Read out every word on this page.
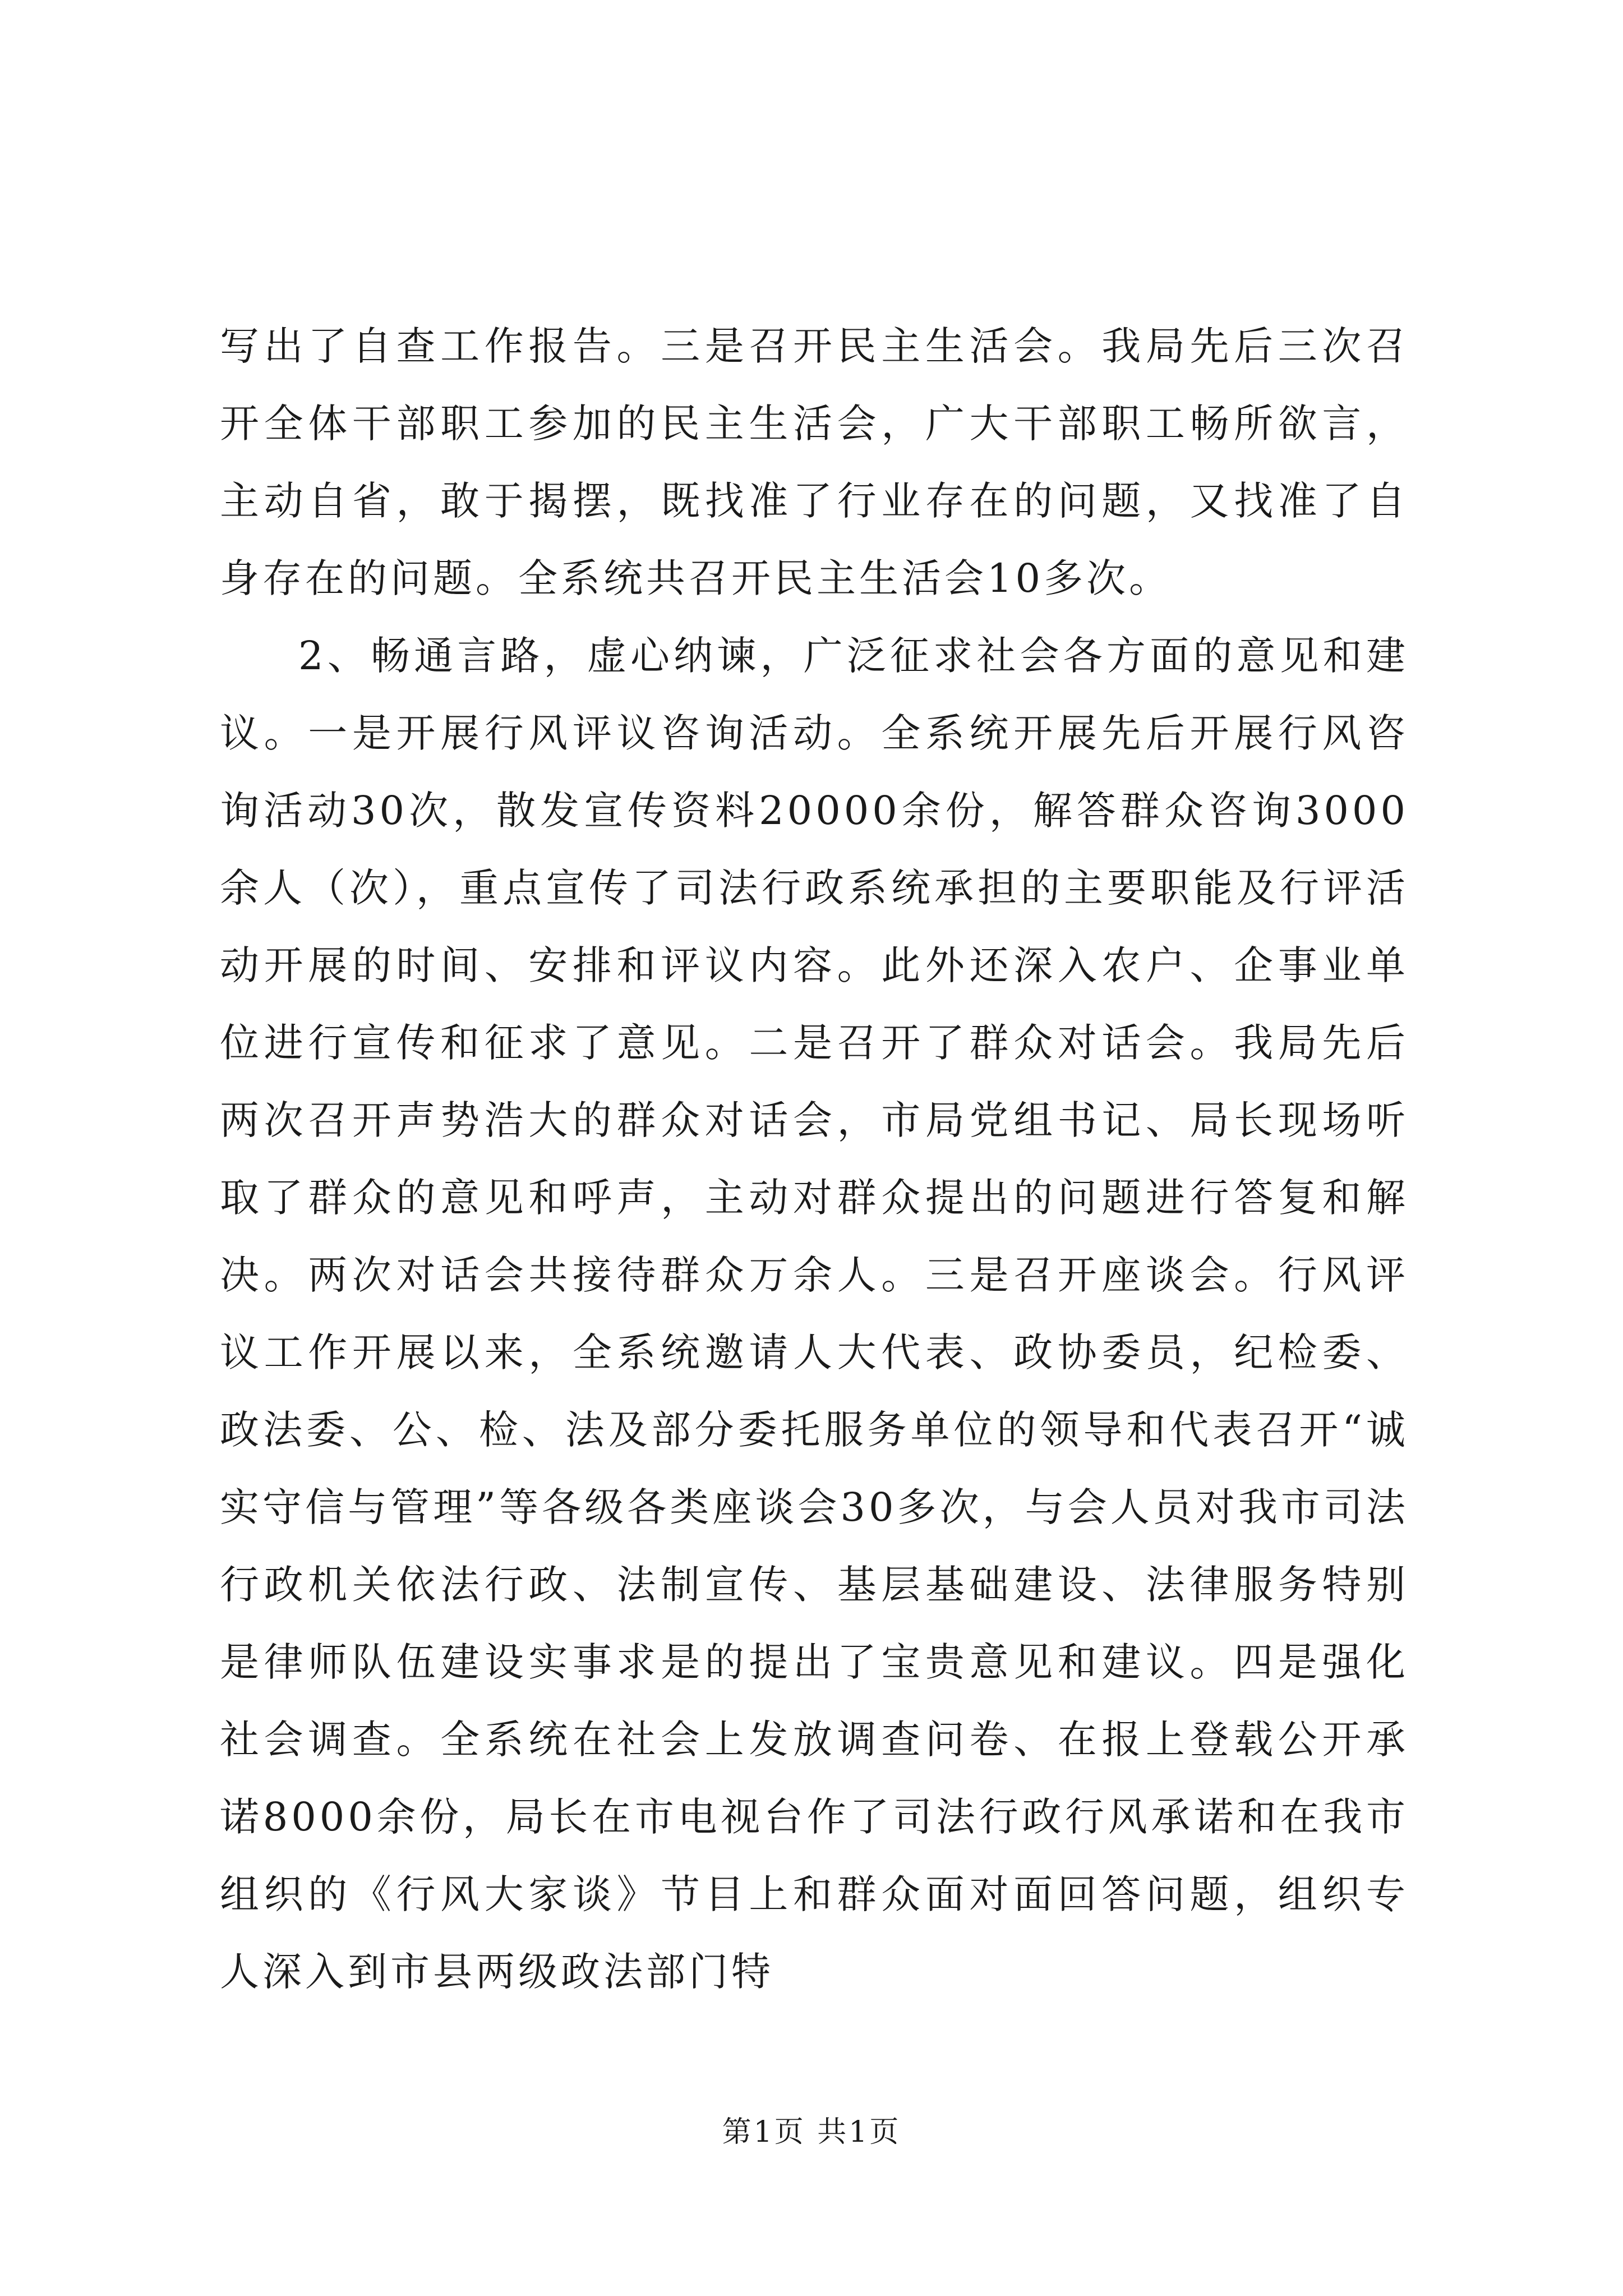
写出了自查工作报告。三是召开民主生活会。我局先后三次召开全体干部职工参加的民主生活会，广大干部职工畅所欲言，主动自省，敢于揭摆，既找准了行业存在的问题，又找准了自身存在的问题。全系统共召开民主生活会10多次。

2、畅通言路，虚心纳谏，广泛征求社会各方面的意见和建议。一是开展行风评议咨询活动。全系统开展先后开展行风咨询活动30次，散发宣传资料20000余份，解答群众咨询3000余人（次），重点宣传了司法行政系统承担的主要职能及行评活动开展的时间、安排和评议内容。此外还深入农户、企事业单位进行宣传和征求了意见。二是召开了群众对话会。我局先后两次召开声势浩大的群众对话会，市局党组书记、局长现场听取了群众的意见和呼声，主动对群众提出的问题进行答复和解决。两次对话会共接待群众万余人。三是召开座谈会。行风评议工作开展以来，全系统邀请人大代表、政协委员，纪检委、政法委、公、检、法及部分委托服务单位的领导和代表召开“诚实守信与管理”等各级各类座谈会30多次，与会人员对我市司法行政机关依法行政、法制宣传、基层基础建设、法律服务特别是律师队伍建设实事求是的提出了宝贵意见和建议。四是强化社会调查。全系统在社会上发放调查问卷、在报上登载公开承诺8000余份，局长在市电视台作了司法行政行风承诺和在我市组织的《行风大家谈》节目上和群众面对面回答问题，组织专人深入到市县两级政法部门特

第1页 共1页
